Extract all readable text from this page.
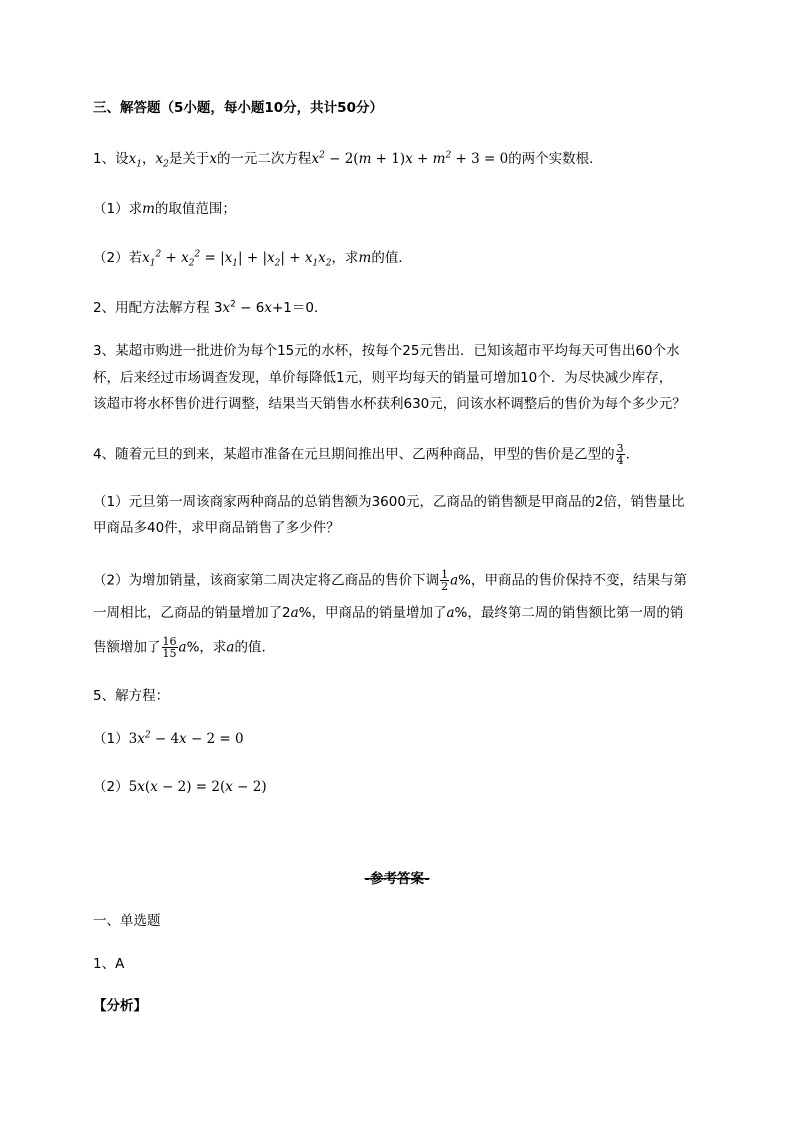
三、解答题（5小题，每小题10分，共计50分）
1、设$x_1$，$x_2$是关于x的一元二次方程$x^2 - 2(m + 1)x + m^2 + 3 = 0$的两个实数根．
（1）求m的取值范围；
（2）若$x_1^2 + x_2^2 = |x_1| + |x_2| + x_1x_2$，求m的值．
2、用配方法解方程 $3x^2 - 6x+1=0$．
3、某超市购进一批进价为每个15元的水杯，按每个25元售出．已知该超市平均每天可售出60个水
杯，后来经过市场调查发现，单价每降低1元，则平均每天的销量可增加10个．为尽快减少库存，
该超市将水杯售价进行调整，结果当天销售水杯获利630元，问该水杯调整后的售价为每个多少元？
4、随着元旦的到来，某超市准备在元旦期间推出甲、乙两种商品，甲型的售价是乙型的 $\frac{3}{4}$ ．
（1）元旦第一周该商家两种商品的总销售额为3600元，乙商品的销售额是甲商品的2倍，销售量比
甲商品多40件，求甲商品销售了多少件？
（2）为增加销量，该商家第二周决定将乙商品的售价下调 $\frac{1}{2} a\%$，甲商品的售价保持不变，结果与第
一周相比，乙商品的销量增加了2a%，甲商品的销量增加了a%，最终第二周的销售额比第一周的销
售额增加了 $\frac{16}{15} a\%$，求a的值．
5、解方程：
$(1)3x^2 - 4x - 2 = 0$
（2）5x(x − 2) = 2(x − 2)
-参考答案-
一、单选题
1、A
【分析】
